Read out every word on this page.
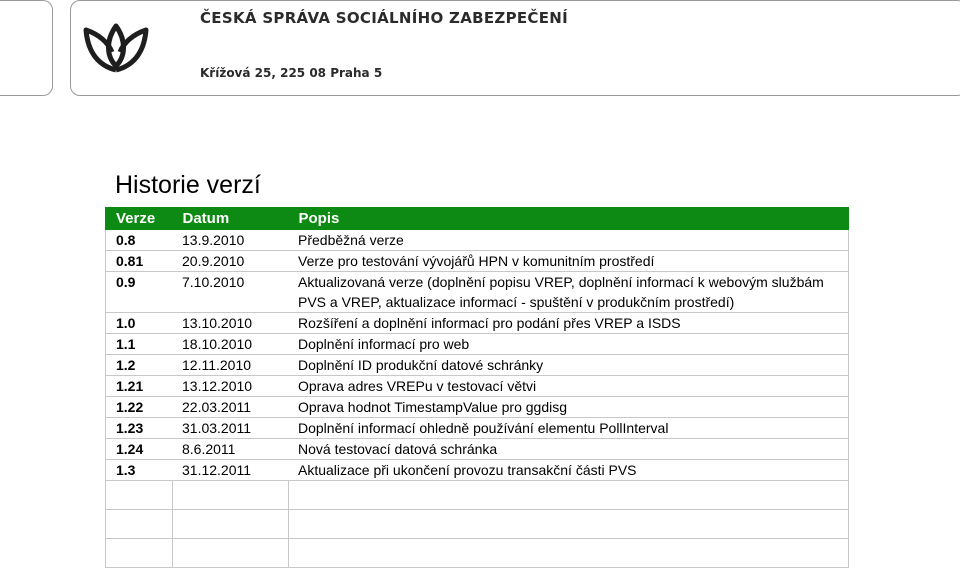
ČESKÁ SPRÁVA SOCIÁLNÍHO ZABEZPEČENÍ
Křížová 25, 225 08 Praha 5
Historie verzí
Verze	Datum	Popis
0.8	13.9.2010	Předběžná verze
0.81	20.9.2010	Verze pro testování vývojářů HPN v komunitním prostředí
0.9	7.10.2010	Aktualizovaná verze (doplnění popisu VREP, doplnění informací k webovým službám PVS a VREP, aktualizace informací - spuštění v produkčním prostředí)
1.0	13.10.2010	Rozšíření a doplnění informací pro podání přes VREP a ISDS
1.1	18.10.2010	Doplnění informací pro web
1.2	12.11.2010	Doplnění ID produkční datové schránky
1.21	13.12.2010	Oprava adres VREPu v testovací větvi
1.22	22.03.2011	Oprava hodnot TimestampValue pro ggdisg
1.23	31.03.2011	Doplnění informací ohledně používání elementu PollInterval
1.24	8.6.2011	Nová testovací datová schránka
1.3	31.12.2011	Aktualizace při ukončení provozu transakční části PVS
